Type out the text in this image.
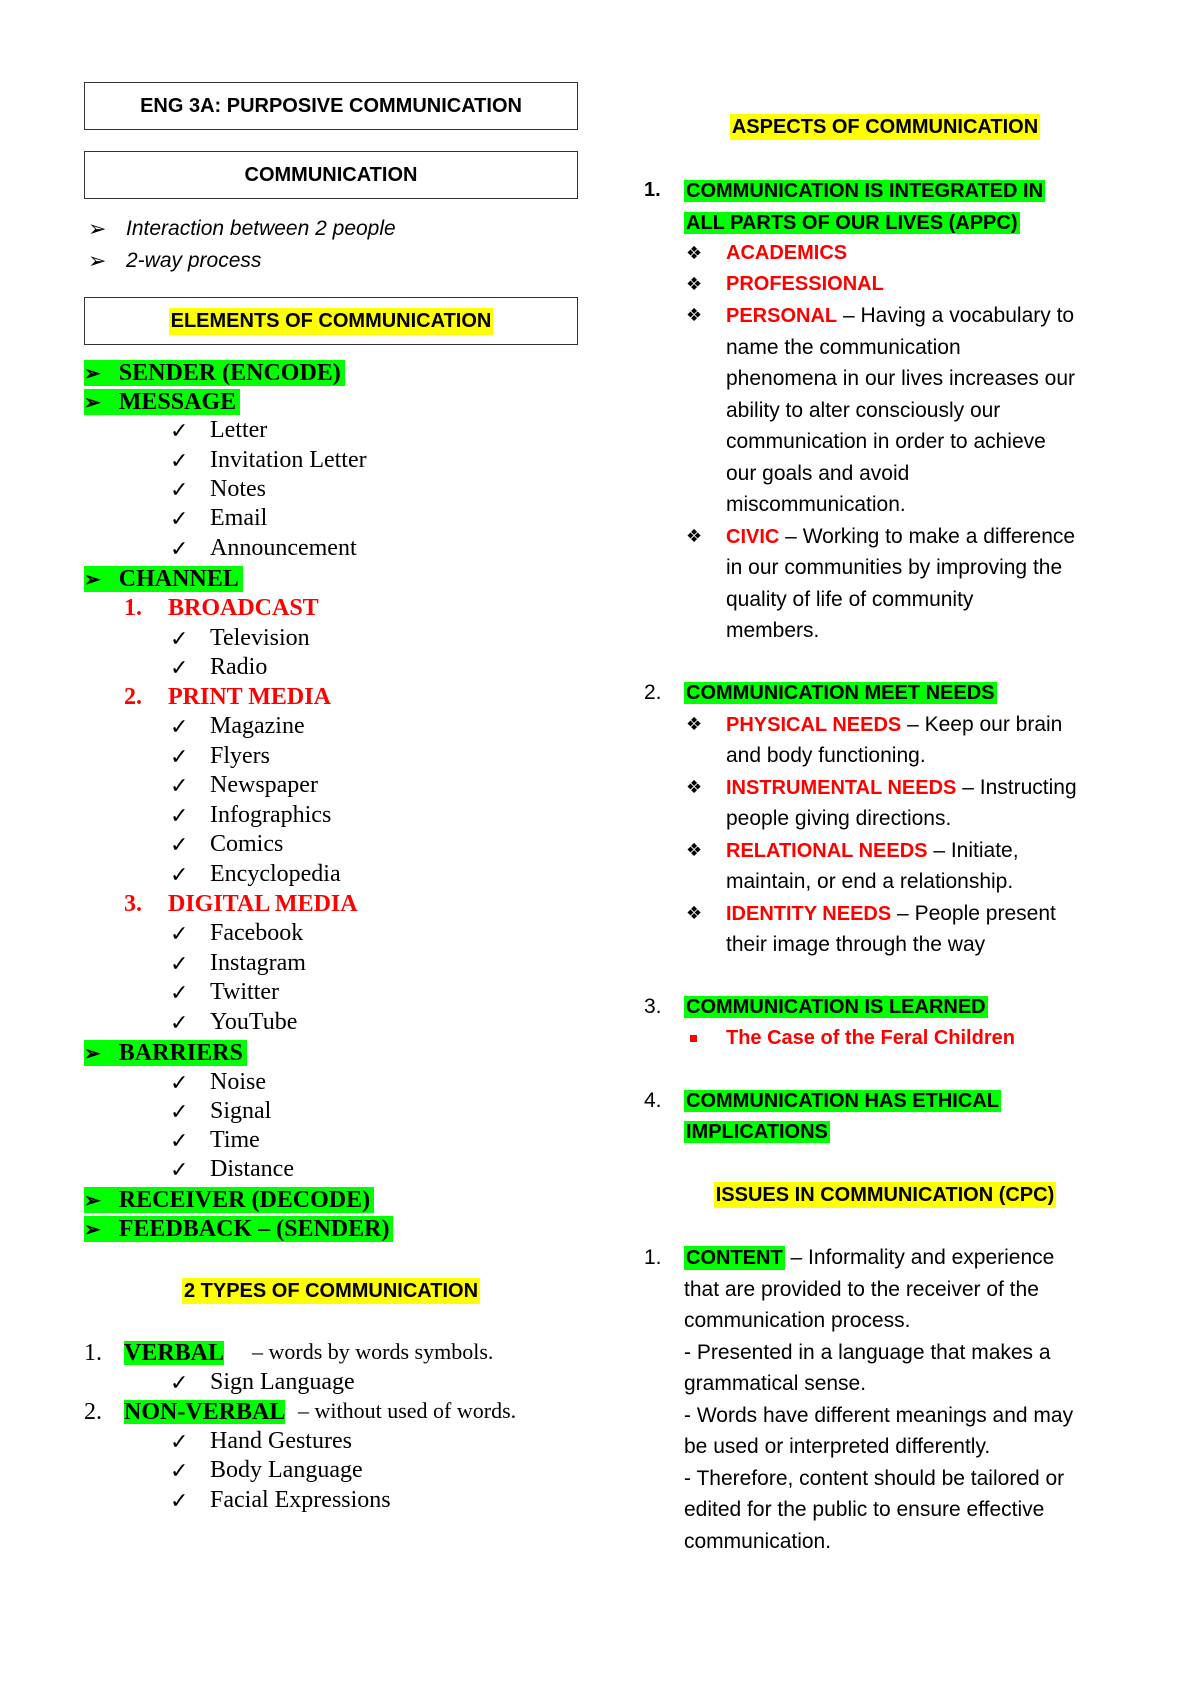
ENG 3A: PURPOSIVE COMMUNICATION
COMMUNICATION
➢ Interaction between 2 people
➢ 2-way process
ELEMENTS OF COMMUNICATION
➢ SENDER (ENCODE)
➢ MESSAGE
✓ Letter
✓ Invitation Letter
✓ Notes
✓ Email
✓ Announcement
➢ CHANNEL
1. BROADCAST
✓ Television
✓ Radio
2. PRINT MEDIA
✓ Magazine
✓ Flyers
✓ Newspaper
✓ Infographics
✓ Comics
✓ Encyclopedia
3. DIGITAL MEDIA
✓ Facebook
✓ Instagram
✓ Twitter
✓ YouTube
➢ BARRIERS
✓ Noise
✓ Signal
✓ Time
✓ Distance
➢ RECEIVER (DECODE)
➢ FEEDBACK – (SENDER)
2 TYPES OF COMMUNICATION
1. VERBAL – words by words symbols.
✓ Sign Language
2. NON-VERBAL – without used of words.
✓ Hand Gestures
✓ Body Language
✓ Facial Expressions
ASPECTS OF COMMUNICATION
1. COMMUNICATION IS INTEGRATED IN
ALL PARTS OF OUR LIVES (APPC)
❖ ACADEMICS
❖ PROFESSIONAL
❖ PERSONAL – Having a vocabulary to
name the communication
phenomena in our lives increases our
ability to alter consciously our
communication in order to achieve
our goals and avoid
miscommunication.
❖ CIVIC – Working to make a difference
in our communities by improving the
quality of life of community
members.
2. COMMUNICATION MEET NEEDS
❖ PHYSICAL NEEDS – Keep our brain
and body functioning.
❖ INSTRUMENTAL NEEDS – Instructing
people giving directions.
❖ RELATIONAL NEEDS – Initiate,
maintain, or end a relationship.
❖ IDENTITY NEEDS – People present
their image through the way
3. COMMUNICATION IS LEARNED
The Case of the Feral Children
4. COMMUNICATION HAS ETHICAL
IMPLICATIONS
ISSUES IN COMMUNICATION (CPC)
1. CONTENT – Informality and experience
that are provided to the receiver of the
communication process.
- Presented in a language that makes a
grammatical sense.
- Words have different meanings and may
be used or interpreted differently.
- Therefore, content should be tailored or
edited for the public to ensure effective
communication.
